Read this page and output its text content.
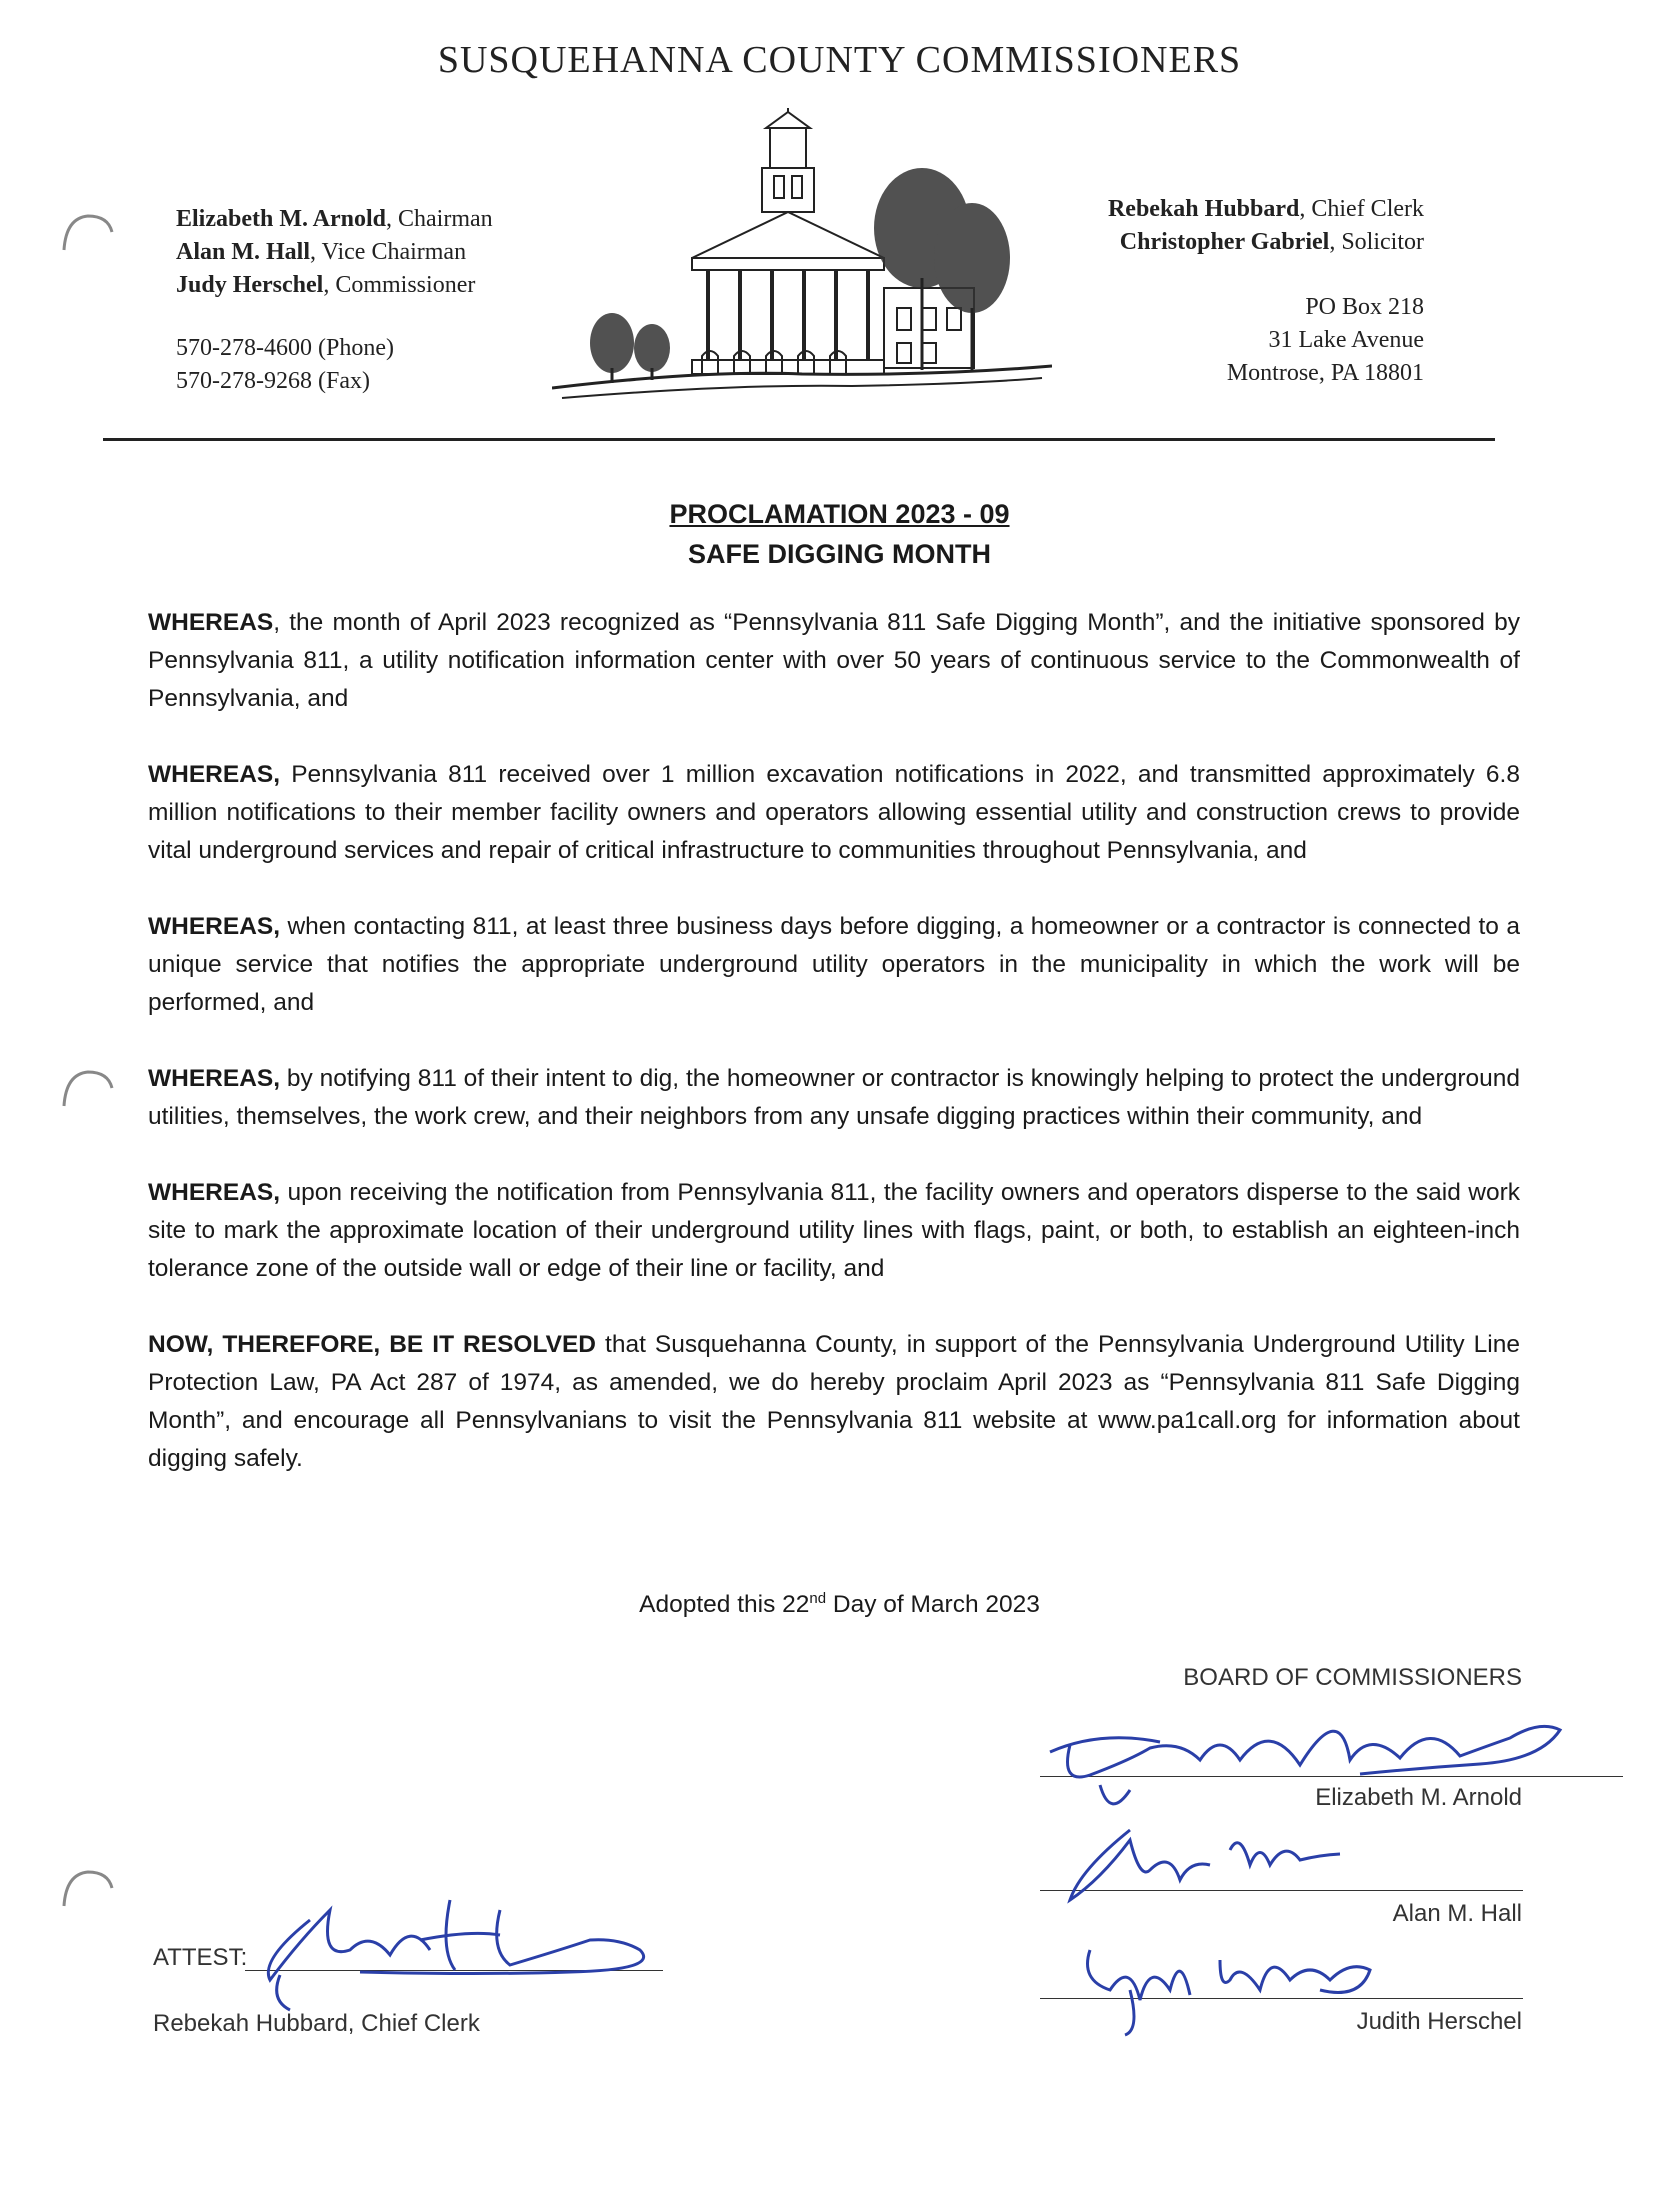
SUSQUEHANNA COUNTY COMMISSIONERS
Elizabeth M. Arnold, Chairman
Alan M. Hall, Vice Chairman
Judy Herschel, Commissioner
570-278-4600 (Phone)
570-278-9268 (Fax)
Rebekah Hubbard, Chief Clerk
Christopher Gabriel, Solicitor
PO Box 218
31 Lake Avenue
Montrose, PA 18801
PROCLAMATION 2023 - 09
SAFE DIGGING MONTH

WHEREAS, the month of April 2023 recognized as “Pennsylvania 811 Safe Digging Month”, and the initiative sponsored by Pennsylvania 811, a utility notification information center with over 50 years of continuous service to the Commonwealth of Pennsylvania, and

WHEREAS, Pennsylvania 811 received over 1 million excavation notifications in 2022, and transmitted approximately 6.8 million notifications to their member facility owners and operators allowing essential utility and construction crews to provide vital underground services and repair of critical infrastructure to communities throughout Pennsylvania, and

WHEREAS, when contacting 811, at least three business days before digging, a homeowner or a contractor is connected to a unique service that notifies the appropriate underground utility operators in the municipality in which the work will be performed, and

WHEREAS, by notifying 811 of their intent to dig, the homeowner or contractor is knowingly helping to protect the underground utilities, themselves, the work crew, and their neighbors from any unsafe digging practices within their community, and

WHEREAS, upon receiving the notification from Pennsylvania 811, the facility owners and operators disperse to the said work site to mark the approximate location of their underground utility lines with flags, paint, or both, to establish an eighteen-inch tolerance zone of the outside wall or edge of their line or facility, and

NOW, THEREFORE, BE IT RESOLVED that Susquehanna County, in support of the Pennsylvania Underground Utility Line Protection Law, PA Act 287 of 1974, as amended, we do hereby proclaim April 2023 as “Pennsylvania 811 Safe Digging Month”, and encourage all Pennsylvanians to visit the Pennsylvania 811 website at www.pa1call.org for information about digging safely.

Adopted this 22nd Day of March 2023
BOARD OF COMMISSIONERS
Elizabeth M. Arnold
Alan M. Hall
Judith Herschel
ATTEST:
Rebekah Hubbard, Chief Clerk
